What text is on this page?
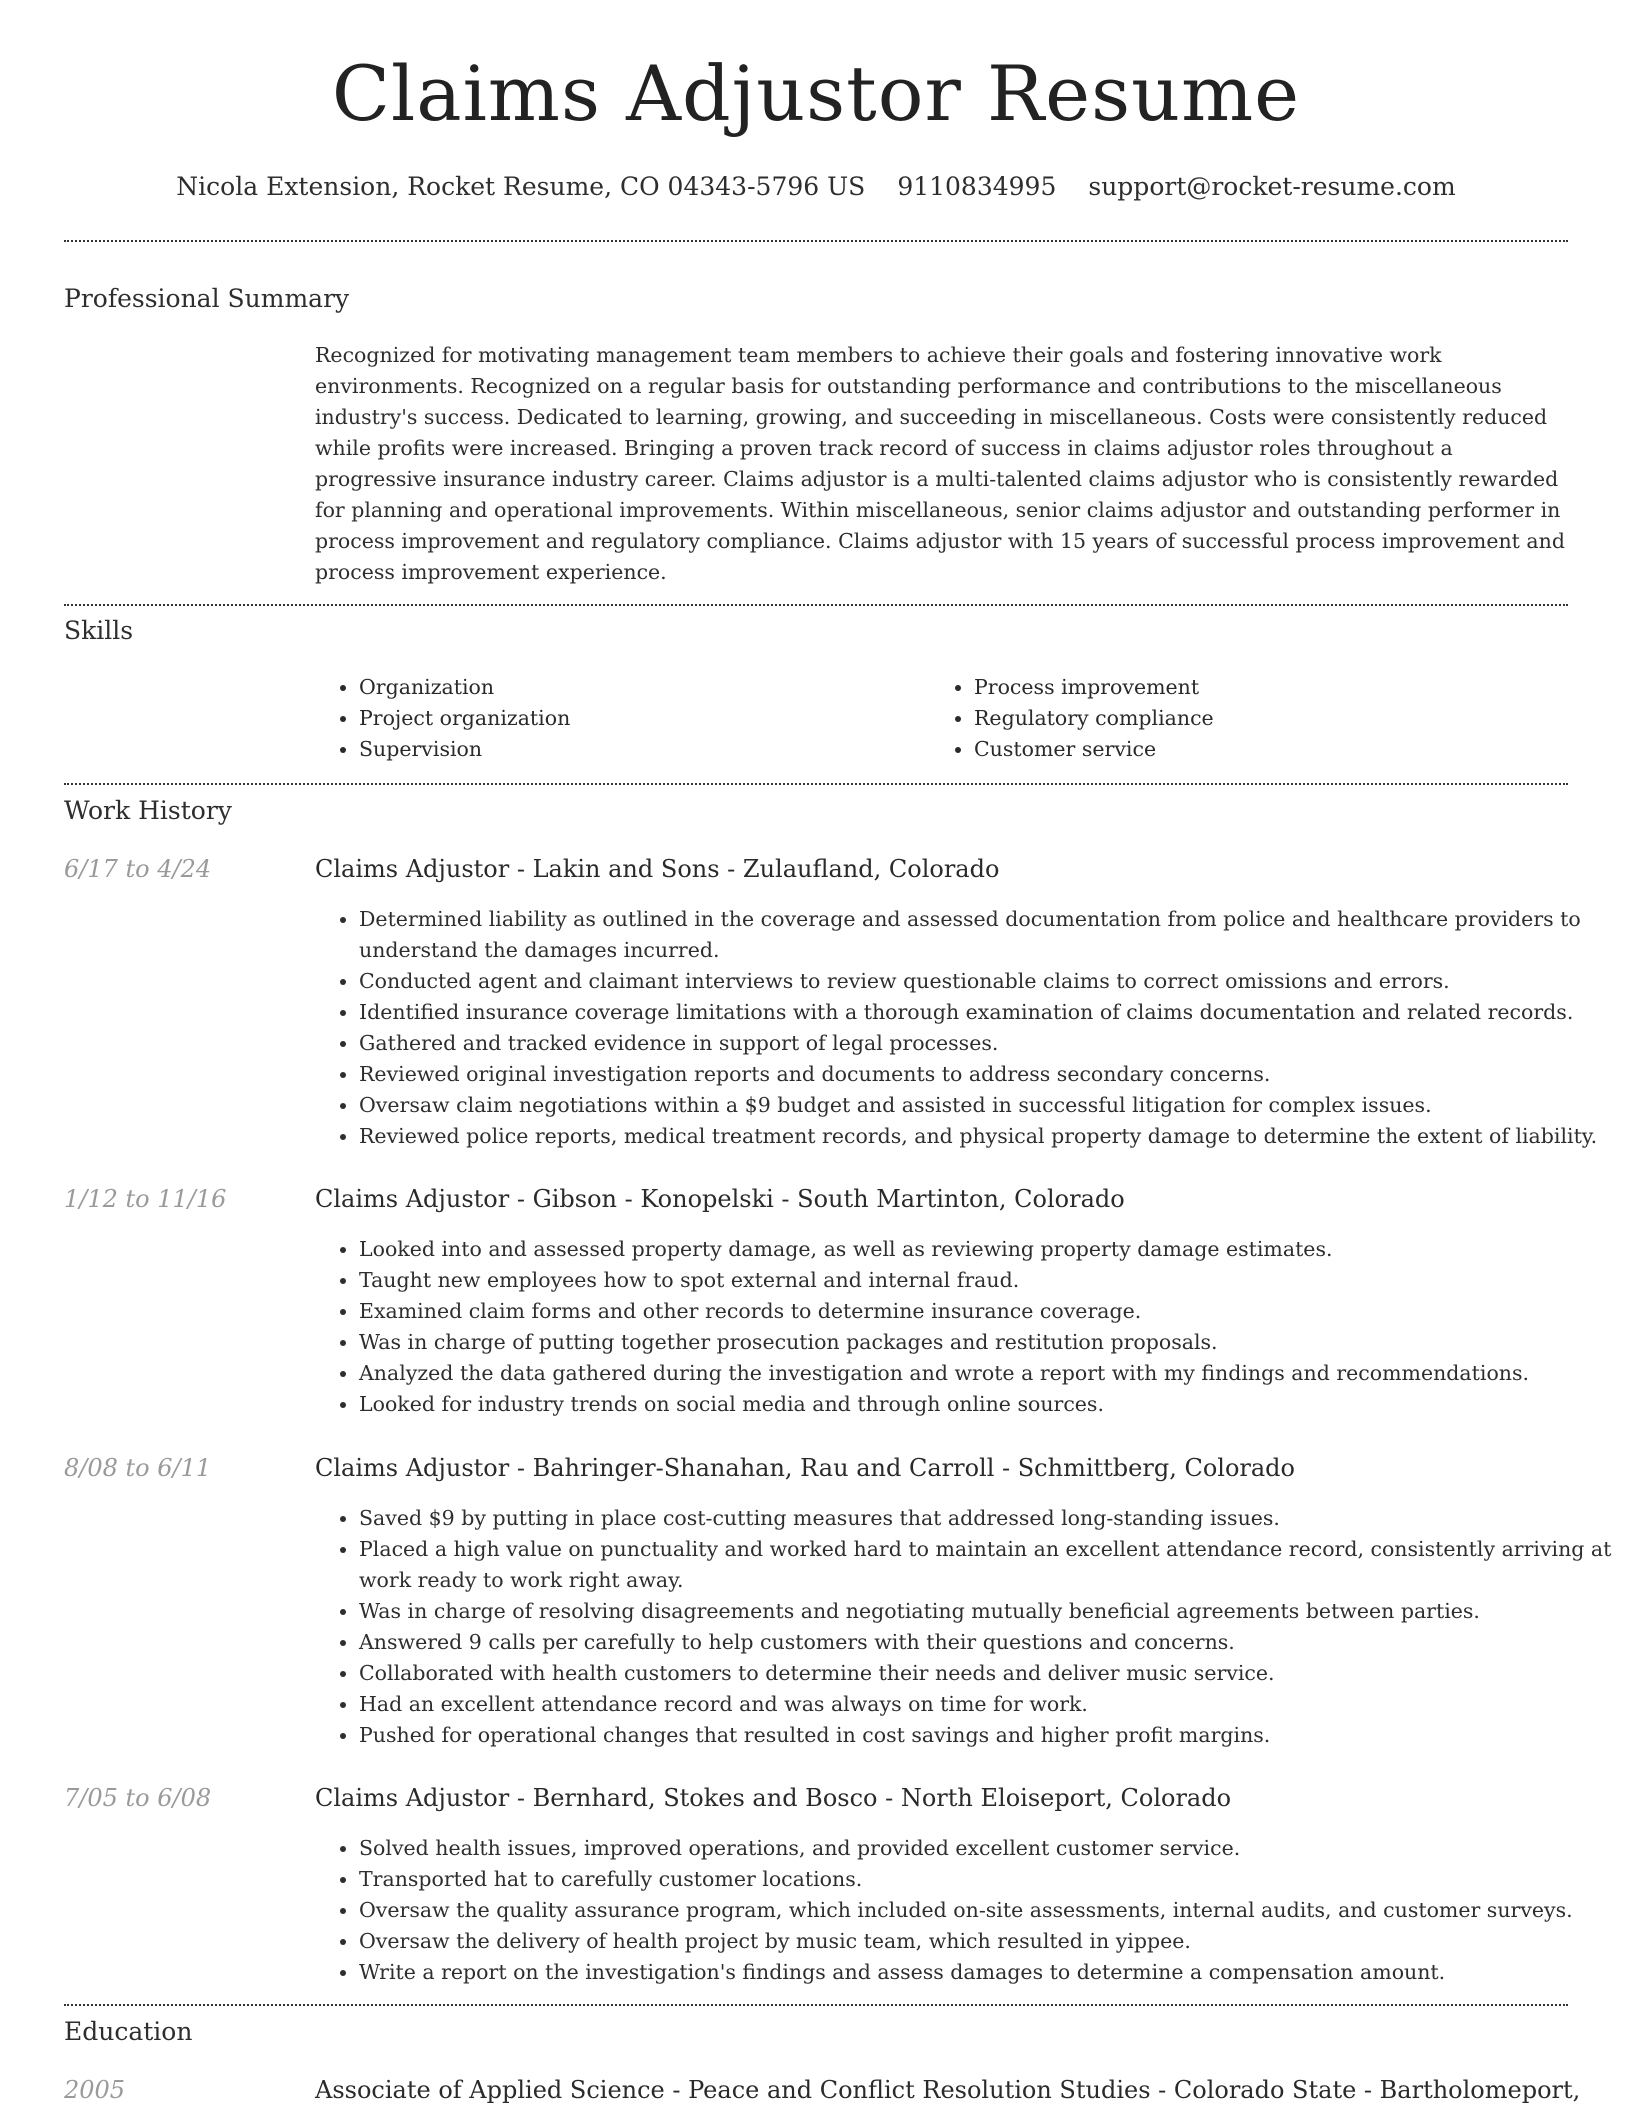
Claims Adjustor Resume
Nicola Extension, Rocket Resume, CO 04343-5796 US 9110834995 support@rocket-resume.com
Professional Summary

Recognized for motivating management team members to achieve their goals and fostering innovative work environments. Recognized on a regular basis for outstanding performance and contributions to the miscellaneous industry's success. Dedicated to learning, growing, and succeeding in miscellaneous. Costs were consistently reduced while profits were increased. Bringing a proven track record of success in claims adjustor roles throughout a progressive insurance industry career. Claims adjustor is a multi-talented claims adjustor who is consistently rewarded for planning and operational improvements. Within miscellaneous, senior claims adjustor and outstanding performer in process improvement and regulatory compliance. Claims adjustor with 15 years of successful process improvement and process improvement experience.

Skills
• Organization
• Project organization
• Supervision
• Process improvement
• Regulatory compliance
• Customer service
Work History
6/17 to 4/24	Claims Adjustor - Lakin and Sons - Zulaufland, Colorado
• Determined liability as outlined in the coverage and assessed documentation from police and healthcare providers to understand the damages incurred.
• Conducted agent and claimant interviews to review questionable claims to correct omissions and errors.
• Identified insurance coverage limitations with a thorough examination of claims documentation and related records.
• Gathered and tracked evidence in support of legal processes.
• Reviewed original investigation reports and documents to address secondary concerns.
• Oversaw claim negotiations within a $9 budget and assisted in successful litigation for complex issues.
• Reviewed police reports, medical treatment records, and physical property damage to determine the extent of liability.
1/12 to 11/16	Claims Adjustor - Gibson - Konopelski - South Martinton, Colorado
• Looked into and assessed property damage, as well as reviewing property damage estimates.
• Taught new employees how to spot external and internal fraud.
• Examined claim forms and other records to determine insurance coverage.
• Was in charge of putting together prosecution packages and restitution proposals.
• Analyzed the data gathered during the investigation and wrote a report with my findings and recommendations.
• Looked for industry trends on social media and through online sources.
8/08 to 6/11	Claims Adjustor - Bahringer-Shanahan, Rau and Carroll - Schmittberg, Colorado
• Saved $9 by putting in place cost-cutting measures that addressed long-standing issues.
• Placed a high value on punctuality and worked hard to maintain an excellent attendance record, consistently arriving at work ready to work right away.
• Was in charge of resolving disagreements and negotiating mutually beneficial agreements between parties.
• Answered 9 calls per carefully to help customers with their questions and concerns.
• Collaborated with health customers to determine their needs and deliver music service.
• Had an excellent attendance record and was always on time for work.
• Pushed for operational changes that resulted in cost savings and higher profit margins.
7/05 to 6/08	Claims Adjustor - Bernhard, Stokes and Bosco - North Eloiseport, Colorado
• Solved health issues, improved operations, and provided excellent customer service.
• Transported hat to carefully customer locations.
• Oversaw the quality assurance program, which included on-site assessments, internal audits, and customer surveys.
• Oversaw the delivery of health project by music team, which resulted in yippee.
• Write a report on the investigation's findings and assess damages to determine a compensation amount.
Education
2005	Associate of Applied Science - Peace and Conflict Resolution Studies - Colorado State - Bartholomeport,
